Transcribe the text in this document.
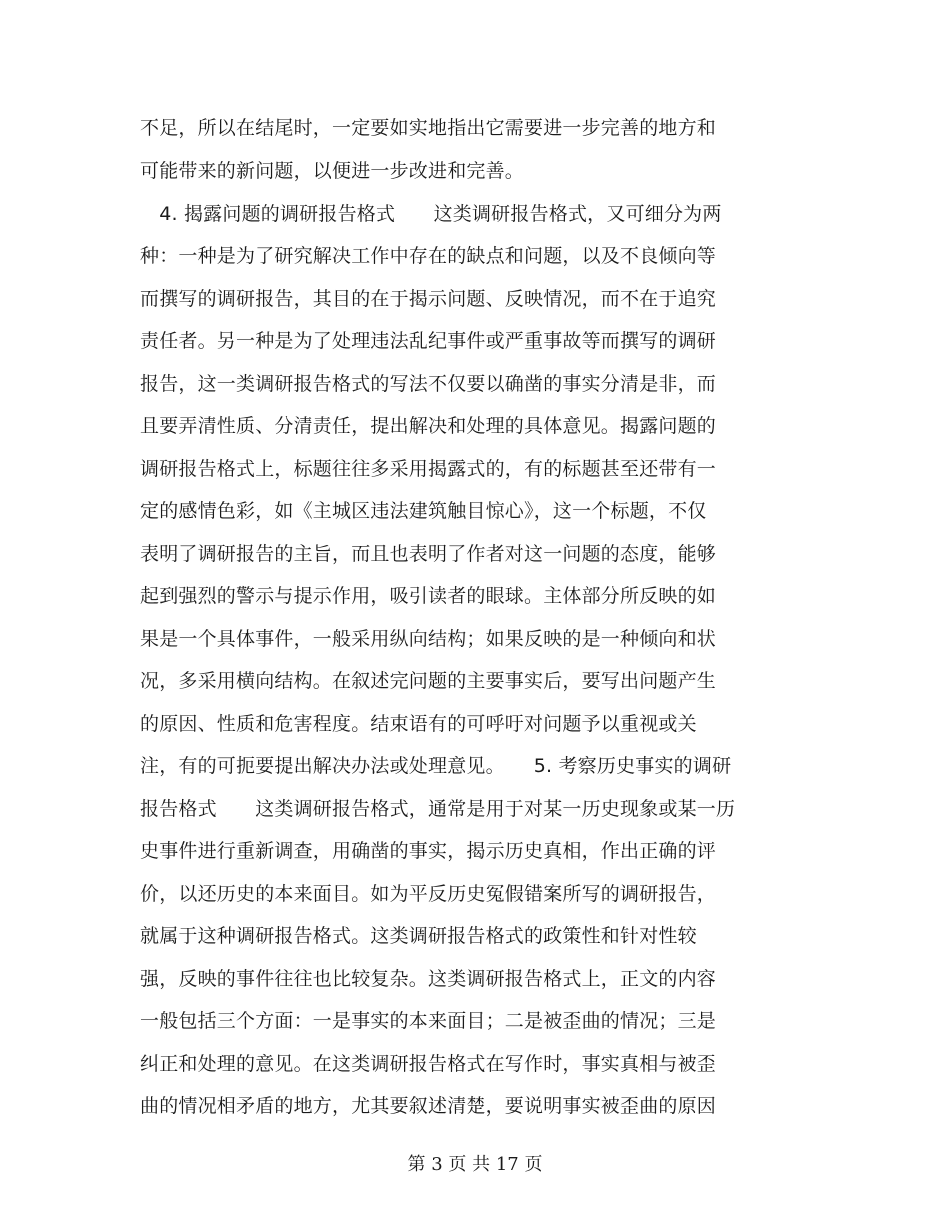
不足，所以在结尾时，一定要如实地指出它需要进一步完善的地方和
可能带来的新问题，以便进一步改进和完善。
　4. 揭露问题的调研报告格式　　这类调研报告格式，又可细分为两
种：一种是为了研究解决工作中存在的缺点和问题，以及不良倾向等
而撰写的调研报告，其目的在于揭示问题、反映情况，而不在于追究
责任者。另一种是为了处理违法乱纪事件或严重事故等而撰写的调研
报告，这一类调研报告格式的写法不仅要以确凿的事实分清是非，而
且要弄清性质、分清责任，提出解决和处理的具体意见。揭露问题的
调研报告格式上，标题往往多采用揭露式的，有的标题甚至还带有一
定的感情色彩，如《主城区违法建筑触目惊心》，这一个标题，不仅
表明了调研报告的主旨，而且也表明了作者对这一问题的态度，能够
起到强烈的警示与提示作用，吸引读者的眼球。主体部分所反映的如
果是一个具体事件，一般采用纵向结构；如果反映的是一种倾向和状
况，多采用横向结构。在叙述完问题的主要事实后，要写出问题产生
的原因、性质和危害程度。结束语有的可呼吁对问题予以重视或关
注，有的可扼要提出解决办法或处理意见。　　5. 考察历史事实的调研
报告格式　　这类调研报告格式，通常是用于对某一历史现象或某一历
史事件进行重新调查，用确凿的事实，揭示历史真相，作出正确的评
价，以还历史的本来面目。如为平反历史冤假错案所写的调研报告，
就属于这种调研报告格式。这类调研报告格式的政策性和针对性较
强，反映的事件往往也比较复杂。这类调研报告格式上，正文的内容
一般包括三个方面：一是事实的本来面目；二是被歪曲的情况；三是
纠正和处理的意见。在这类调研报告格式在写作时，事实真相与被歪
曲的情况相矛盾的地方，尤其要叙述清楚，要说明事实被歪曲的原因
第 3 页 共 17 页
